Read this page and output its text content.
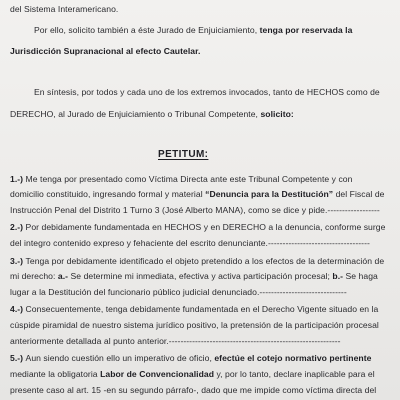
del Sistema Interamericano.
Por ello, solicito también a éste Jurado de Enjuiciamiento, tenga por reservada la
Jurisdicción Supranacional al efecto Cautelar.
En síntesis, por todos y cada uno de los extremos invocados, tanto de HECHOS como de
DERECHO, al Jurado de Enjuiciamiento o Tribunal Competente, solicito:
PETITUM:
1.-) Me tenga por presentado como Víctima Directa ante este Tribunal Competente y con
domicilio constituido, ingresando formal y material “Denuncia para la Destitución” del Fiscal de
Instrucción Penal del Distrito 1 Turno 3 (José Alberto MANA), como se dice y pide.------------------
2.-) Por debidamente fundamentada en HECHOS y en DERECHO a la denuncia, conforme surge
del integro contenido expreso y fehaciente del escrito denunciante.-----------------------------------
3.-) Tenga por debidamente identificado el objeto pretendido a los efectos de la determinación de
mi derecho: a.- Se determine mi inmediata, efectiva y activa participación procesal; b.- Se haga
lugar a la Destitución del funcionario público judicial denunciado.------------------------------
4.-) Consecuentemente, tenga debidamente fundamentada en el Derecho Vigente situado en la
cúspide piramidal de nuestro sistema jurídico positivo, la pretensión de la participación procesal
anteriormente detallada al punto anterior.-----------------------------------------------------------
5.-) Aun siendo cuestión ello un imperativo de oficio, efectúe el cotejo normativo pertinente
mediante la obligatoria Labor de Convencionalidad y, por lo tanto, declare inaplicable para el
presente caso al art. 15 -en su segundo párrafo-, dado que me impide como víctima directa del
